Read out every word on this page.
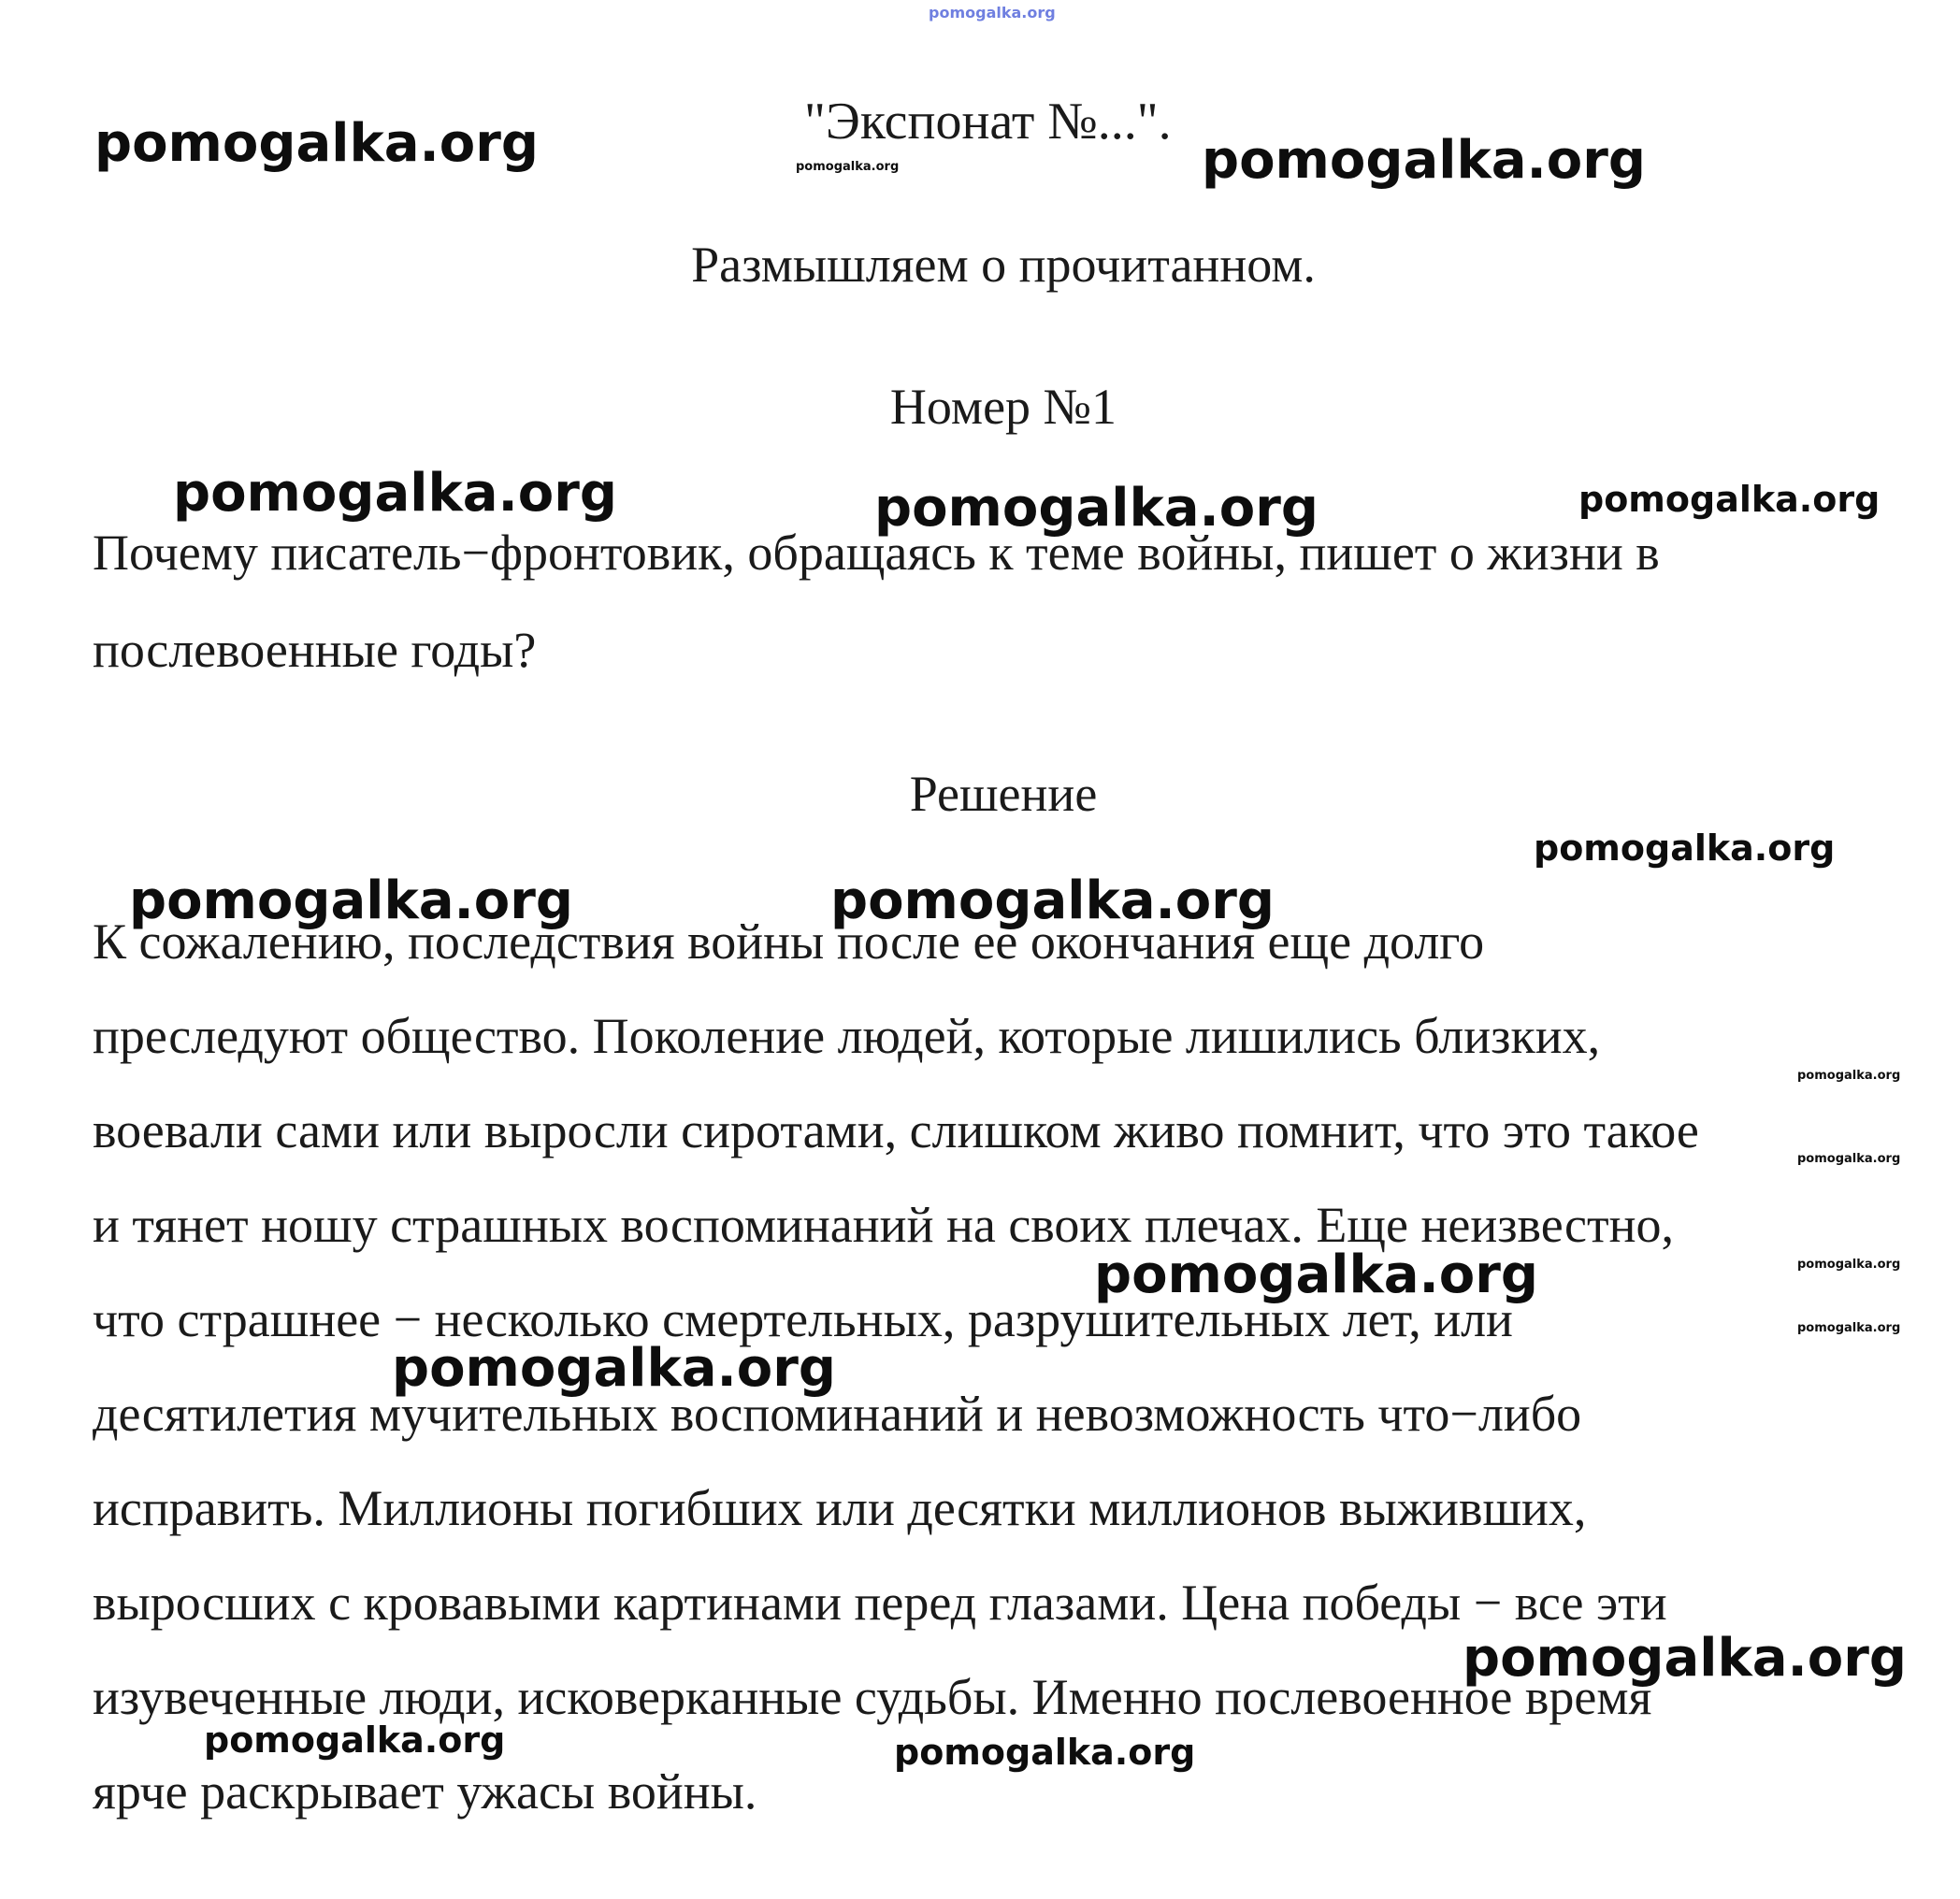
pomogalka.org

"Экспонат №...".

Размышляем о прочитанном.

Номер №1

Почему писатель−фронтовик, обращаясь к теме войны, пишет о жизни в

послевоенные годы?

Решение

К сожалению, последствия войны после ее окончания еще долго

преследуют общество. Поколение людей, которые лишились близких,

воевали сами или выросли сиротами, слишком живо помнит, что это такое

и тянет ношу страшных воспоминаний на своих плечах. Еще неизвестно,

что страшнее − несколько смертельных, разрушительных лет, или

десятилетия мучительных воспоминаний и невозможность что−либо

исправить. Миллионы погибших или десятки миллионов выживших,

выросших с кровавыми картинами перед глазами. Цена победы − все эти

изувеченные люди, исковерканные судьбы. Именно послевоенное время

ярче раскрывает ужасы войны.

pomogalka.org	pomogalka.org

pomogalka.org

pomogalka.org	pomogalka.org	pomogalka.org

pomogalka.org

pomogalka.org	pomogalka.org

pomogalka.org

pomogalka.org

pomogalka.org	pomogalka.org

pomogalka.org

pomogalka.org

pomogalka.org

pomogalka.org	pomogalka.org
